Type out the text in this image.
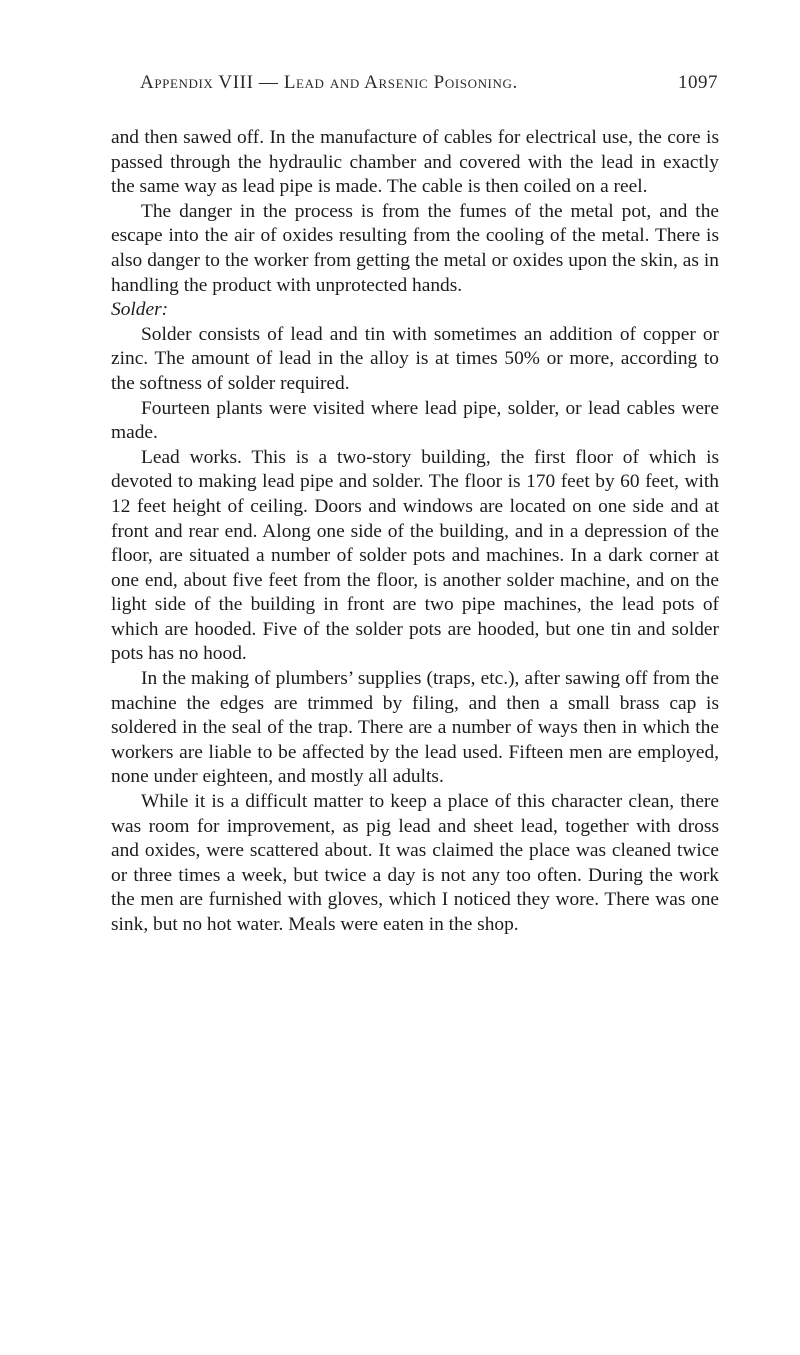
Appendix VIII — Lead and Arsenic Poisoning.	1097

and then sawed off. In the manufacture of cables for electrical use, the core is passed through the hydraulic chamber and covered with the lead in exactly the same way as lead pipe is made. The cable is then coiled on a reel.

The danger in the process is from the fumes of the metal pot, and the escape into the air of oxides resulting from the cooling of the metal. There is also danger to the worker from getting the metal or oxides upon the skin, as in handling the product with unprotected hands.

Solder:

Solder consists of lead and tin with sometimes an addition of copper or zinc. The amount of lead in the alloy is at times 50% or more, according to the softness of solder required.

Fourteen plants were visited where lead pipe, solder, or lead cables were made.

Lead works. This is a two-story building, the first floor of which is devoted to making lead pipe and solder. The floor is 170 feet by 60 feet, with 12 feet height of ceiling. Doors and windows are located on one side and at front and rear end. Along one side of the building, and in a depression of the floor, are situated a number of solder pots and machines. In a dark corner at one end, about five feet from the floor, is another solder machine, and on the light side of the building in front are two pipe machines, the lead pots of which are hooded. Five of the solder pots are hooded, but one tin and solder pots has no hood.

In the making of plumbers’ supplies (traps, etc.), after sawing off from the machine the edges are trimmed by filing, and then a small brass cap is soldered in the seal of the trap. There are a number of ways then in which the workers are liable to be affected by the lead used. Fifteen men are employed, none under eighteen, and mostly all adults.

While it is a difficult matter to keep a place of this character clean, there was room for improvement, as pig lead and sheet lead, together with dross and oxides, were scattered about. It was claimed the place was cleaned twice or three times a week, but twice a day is not any too often. During the work the men are furnished with gloves, which I noticed they wore. There was one sink, but no hot water. Meals were eaten in the shop.
